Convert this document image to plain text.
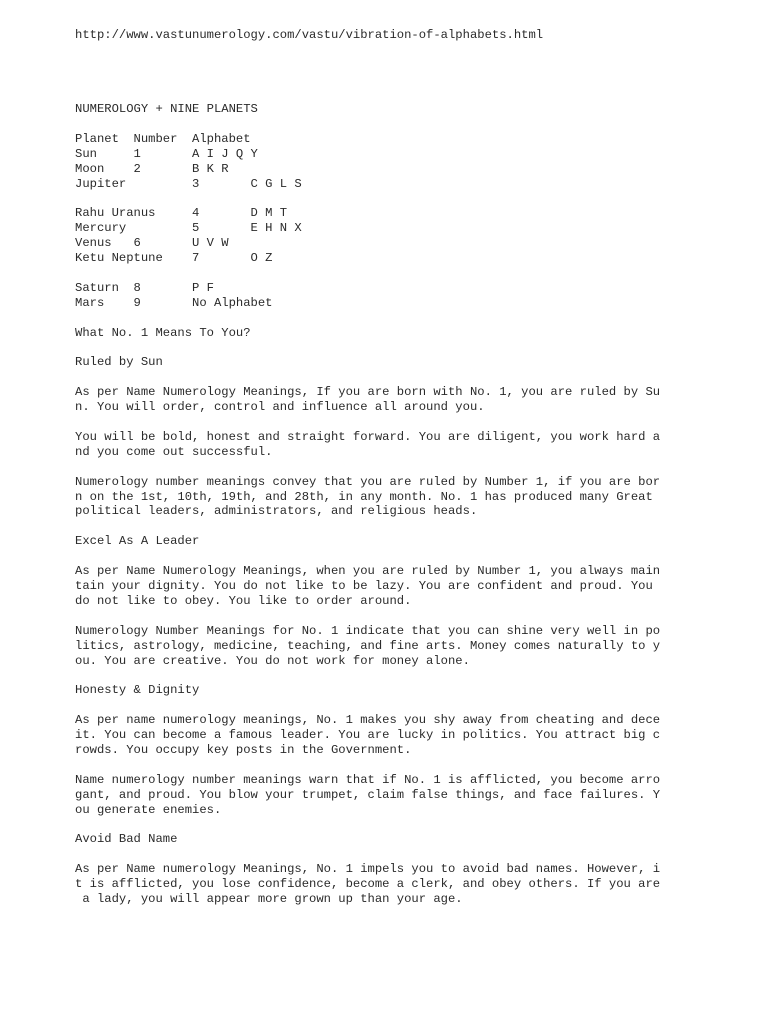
http://www.vastunumerology.com/vastu/vibration-of-alphabets.html
NUMEROLOGY + NINE PLANETS

Planet  Number  Alphabet
Sun     1       A I J Q Y
Moon    2       B K R
Jupiter         3       C G L S

Rahu Uranus     4       D M T
Mercury         5       E H N X
Venus   6       U V W
Ketu Neptune    7       O Z

Saturn  8       P F
Mars    9       No Alphabet

What No. 1 Means To You?

Ruled by Sun

As per Name Numerology Meanings, If you are born with No. 1, you are ruled by Su
n. You will order, control and influence all around you.

You will be bold, honest and straight forward. You are diligent, you work hard a
nd you come out successful.

Numerology number meanings convey that you are ruled by Number 1, if you are bor
n on the 1st, 10th, 19th, and 28th, in any month. No. 1 has produced many Great
political leaders, administrators, and religious heads.

Excel As A Leader

As per Name Numerology Meanings, when you are ruled by Number 1, you always main
tain your dignity. You do not like to be lazy. You are confident and proud. You
do not like to obey. You like to order around.

Numerology Number Meanings for No. 1 indicate that you can shine very well in po
litics, astrology, medicine, teaching, and fine arts. Money comes naturally to y
ou. You are creative. You do not work for money alone.

Honesty & Dignity

As per name numerology meanings, No. 1 makes you shy away from cheating and dece
it. You can become a famous leader. You are lucky in politics. You attract big c
rowds. You occupy key posts in the Government.

Name numerology number meanings warn that if No. 1 is afflicted, you become arro
gant, and proud. You blow your trumpet, claim false things, and face failures. Y
ou generate enemies.

Avoid Bad Name

As per Name numerology Meanings, No. 1 impels you to avoid bad names. However, i
t is afflicted, you lose confidence, become a clerk, and obey others. If you are
a lady, you will appear more grown up than your age.
